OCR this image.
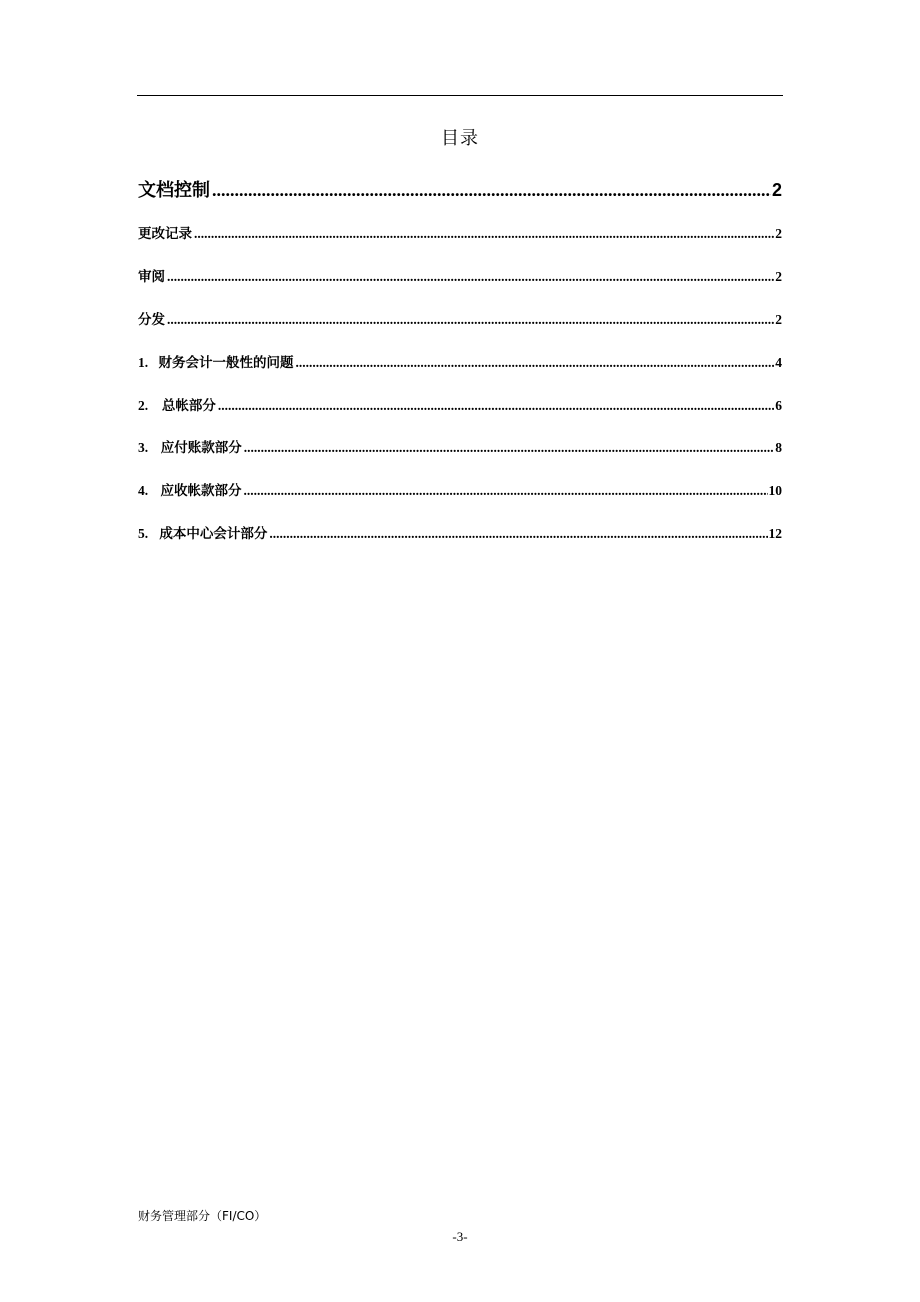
目录
文档控制 .....	2
更改记录 .....	2
审阅 .....	2
分发 .....	2
1. 财务会计一般性的问题 .....	4
2.	总帐部分 .....	6
3. 应付账款部分 .....	8
4. 应收帐款部分 .....	10
5. 成本中心会计部分 .....	12
财务管理部分（FI/CO）
-3-
